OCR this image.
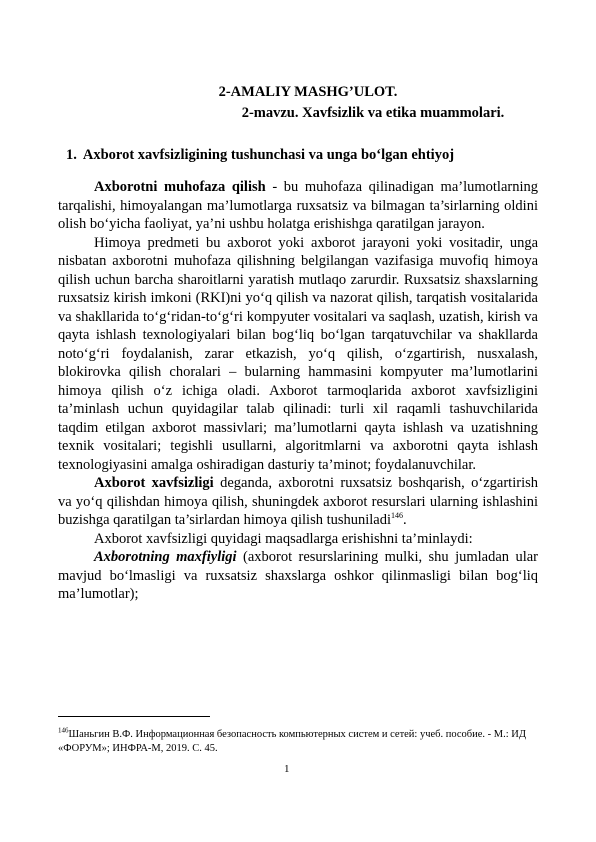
2-AMALIY MASHG’ULOT.
2-mavzu. Xavfsizlik va etika muammolari.
1. Axborot xavfsizligining tushunchasi va unga bo‘lgan ehtiyoj

Axborotni muhofaza qilish - bu muhofaza qilinadigan ma’lumotlarning tarqalishi, himoyalangan ma’lumotlarga ruxsatsiz va bilmagan ta’sirlarning oldini olish bo‘yicha faoliyat, ya’ni ushbu holatga erishishga qaratilgan jarayon.

Himoya predmeti bu axborot yoki axborot jarayoni yoki vositadir, unga nisbatan axborotni muhofaza qilishning belgilangan vazifasiga muvofiq himoya qilish uchun barcha sharoitlarni yaratish mutlaqo zarurdir. Ruxsatsiz shaxslarning ruxsatsiz kirish imkoni (RKI)ni yo‘q qilish va nazorat qilish, tarqatish vositalarida va shakllarida to‘g‘ridan-to‘g‘ri kompyuter vositalari va saqlash, uzatish, kirish va qayta ishlash texnologiyalari bilan bog‘liq bo‘lgan tarqatuvchilar va shakllarda noto‘g‘ri foydalanish, zarar etkazish, yo‘q qilish, o‘zgartirish, nusxalash, blokirovka qilish choralari – bularning hammasini kompyuter ma’lumotlarini himoya qilish o‘z ichiga oladi. Axborot tarmoqlarida axborot xavfsizligini ta’minlash uchun quyidagilar talab qilinadi: turli xil raqamli tashuvchilarida taqdim etilgan axborot massivlari; ma’lumotlarni qayta ishlash va uzatishning texnik vositalari; tegishli usullarni, algoritmlarni va axborotni qayta ishlash texnologiyasini amalga oshiradigan dasturiy ta’minot; foydalanuvchilar.

Axborot xavfsizligi deganda, axborotni ruxsatsiz boshqarish, o‘zgartirish va yo‘q qilishdan himoya qilish, shuningdek axborot resurslari ularning ishlashini buzishga qaratilgan ta’sirlardan himoya qilish tushuniladi$^{146}$.

Axborot xavfsizligi quyidagi maqsadlarga erishishni ta’minlaydi:

Axborotning maxfiyligi (axborot resurslarining mulki, shu jumladan ular mavjud bo‘lmasligi va ruxsatsiz shaxslarga oshkor qilinmasligi bilan bog‘liq ma’lumotlar);

$^{146}$Шаньгин В.Ф. Информационная безопасность компьютерных систем и сетей: учеб. пособие. - М.: ИД «ФОРУМ»; ИНФРА-М, 2019. С. 45.
1
